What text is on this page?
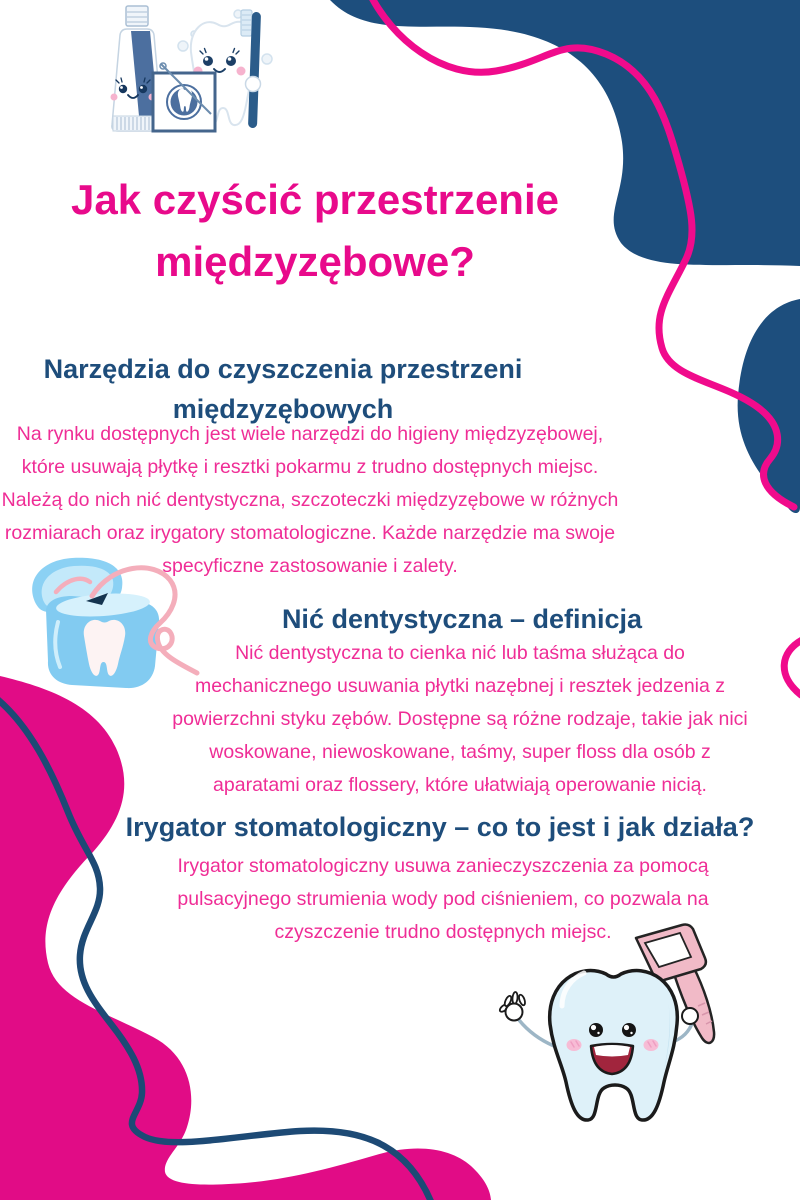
Jak czyścić przestrzenie międzyzębowe?
Narzędzia do czyszczenia przestrzeni międzyzębowych

Na rynku dostępnych jest wiele narzędzi do higieny międzyzębowej, które usuwają płytkę i resztki pokarmu z trudno dostępnych miejsc. Należą do nich nić dentystyczna, szczoteczki międzyzębowe w różnych rozmiarach oraz irygatory stomatologiczne. Każde narzędzie ma swoje specyficzne zastosowanie i zalety.

Nić dentystyczna – definicja

Nić dentystyczna to cienka nić lub taśma służąca do mechanicznego usuwania płytki nazębnej i resztek jedzenia z powierzchni styku zębów. Dostępne są różne rodzaje, takie jak nici woskowane, niewoskowane, taśmy, super floss dla osób z aparatami oraz flossery, które ułatwiają operowanie nicią.

Irygator stomatologiczny – co to jest i jak działa?

Irygator stomatologiczny usuwa zanieczyszczenia za pomocą pulsacyjnego strumienia wody pod ciśnieniem, co pozwala na czyszczenie trudno dostępnych miejsc.
